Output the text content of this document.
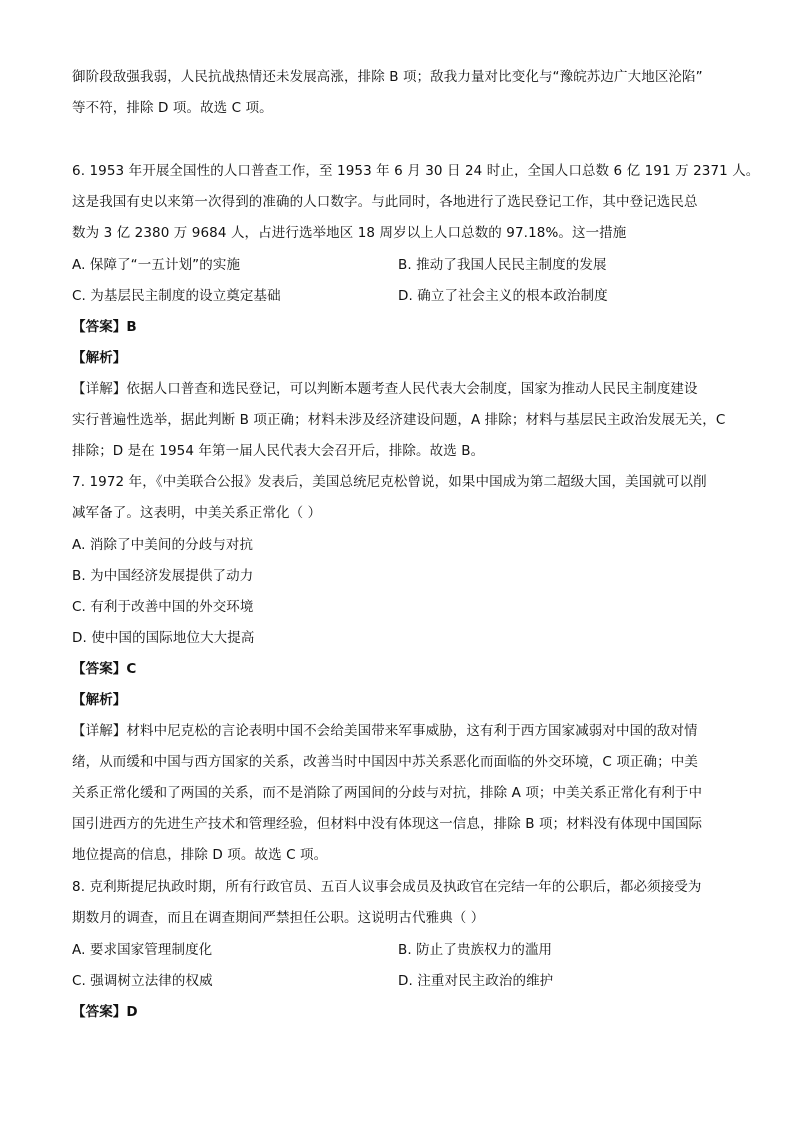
御阶段敌强我弱，人民抗战热情还未发展高涨，排除 B 项；敌我力量对比变化与“豫皖苏边广大地区沦陷”
等不符，排除 D 项。故选 C 项。
6. 1953 年开展全国性的人口普查工作，至 1953 年 6 月 30 日 24 时止，全国人口总数 6 亿 191 万 2371 人。
这是我国有史以来第一次得到的准确的人口数字。与此同时，各地进行了选民登记工作，其中登记选民总
数为 3 亿 2380 万 9684 人，占进行选举地区 18 周岁以上人口总数的 97.18%。这一措施
A. 保障了“一五计划”的实施	B. 推动了我国人民民主制度的发展
C. 为基层民主制度的设立奠定基础	D. 确立了社会主义的根本政治制度
【答案】B
【解析】
【详解】依据人口普查和选民登记，可以判断本题考查人民代表大会制度，国家为推动人民民主制度建设
实行普遍性选举，据此判断 B 项正确；材料未涉及经济建设问题，A 排除；材料与基层民主政治发展无关，C
排除；D 是在 1954 年第一届人民代表大会召开后，排除。故选 B。
7. 1972 年，《中美联合公报》发表后，美国总统尼克松曾说，如果中国成为第二超级大国，美国就可以削
减军备了。这表明，中美关系正常化（ ）
A. 消除了中美间的分歧与对抗
B. 为中国经济发展提供了动力
C. 有利于改善中国的外交环境
D. 使中国的国际地位大大提高
【答案】C
【解析】
【详解】材料中尼克松的言论表明中国不会给美国带来军事威胁，这有利于西方国家减弱对中国的敌对情
绪，从而缓和中国与西方国家的关系，改善当时中国因中苏关系恶化而面临的外交环境，C 项正确；中美
关系正常化缓和了两国的关系，而不是消除了两国间的分歧与对抗，排除 A 项；中美关系正常化有利于中
国引进西方的先进生产技术和管理经验，但材料中没有体现这一信息，排除 B 项；材料没有体现中国国际
地位提高的信息，排除 D 项。故选 C 项。
8. 克利斯提尼执政时期，所有行政官员、五百人议事会成员及执政官在完结一年的公职后，都必须接受为
期数月的调查，而且在调查期间严禁担任公职。这说明古代雅典（ ）
A. 要求国家管理制度化	B. 防止了贵族权力的滥用
C. 强调树立法律的权威	D. 注重对民主政治的维护
【答案】D
